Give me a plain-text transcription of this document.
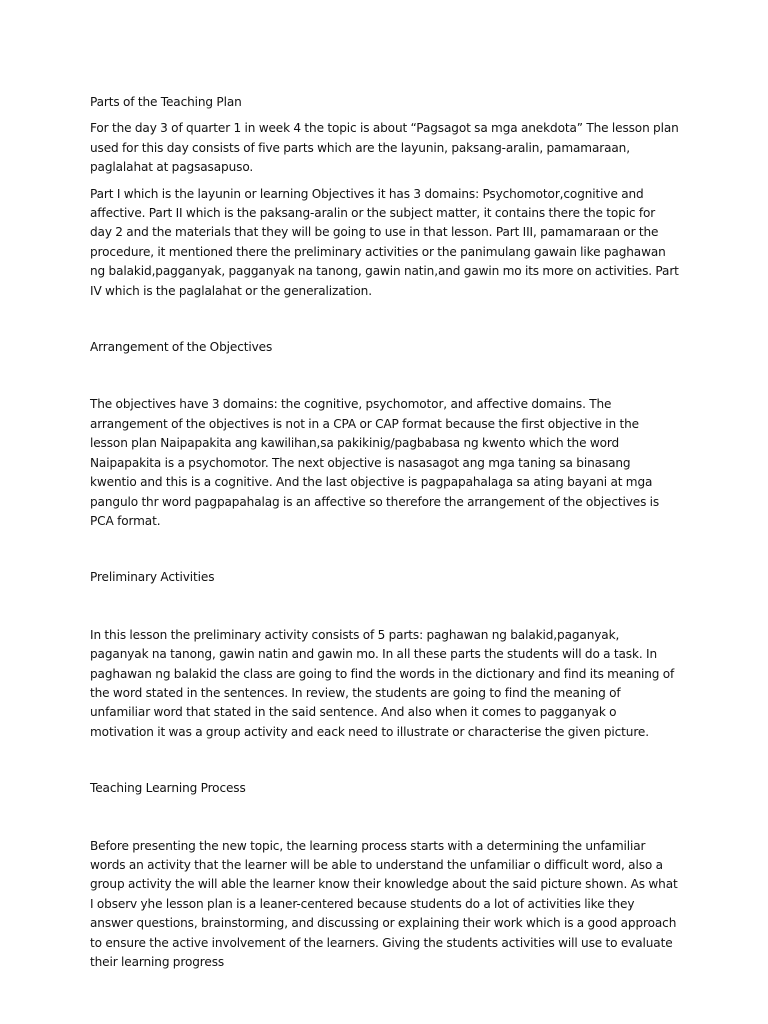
Parts of the Teaching Plan

For the day 3 of quarter 1 in week 4 the topic is about “Pagsagot sa mga anekdota” The lesson plan used for this day consists of five parts which are the layunin, paksang-aralin, pamamaraan, paglalahat at pagsasapuso.

Part I which is the layunin or learning Objectives it has 3 domains: Psychomotor,cognitive and affective. Part II which is the paksang-aralin or the subject matter, it contains there the topic for day 2 and the materials that they will be going to use in that lesson. Part III, pamamaraan or the procedure, it mentioned there the preliminary activities or the panimulang gawain like paghawan ng balakid,pagganyak, pagganyak na tanong, gawin natin,and gawin mo its more on activities. Part IV which is the paglalahat or the generalization.

Arrangement of the Objectives

The objectives have 3 domains: the cognitive, psychomotor, and affective domains. The arrangement of the objectives is not in a CPA or CAP format because the first objective in the lesson plan Naipapakita ang kawilihan,sa pakikinig/pagbabasa ng kwento which the word Naipapakita is a psychomotor. The next objective is nasasagot ang mga taning sa binasang kwentio and this is a cognitive. And the last objective is pagpapahalaga sa ating bayani at mga pangulo thr word pagpapahalag is an affective so therefore the arrangement of the objectives is PCA format.

Preliminary Activities

In this lesson the preliminary activity consists of 5 parts: paghawan ng balakid,paganyak, paganyak na tanong, gawin natin and gawin mo. In all these parts the students will do a task. In paghawan ng balakid the class are going to find the words in the dictionary and find its meaning of the word stated in the sentences. In review, the students are going to find the meaning of unfamiliar word that stated in the said sentence. And also when it comes to pagganyak o motivation it was a group activity and eack need to illustrate or characterise the given picture.

Teaching Learning Process

Before presenting the new topic, the learning process starts with a determining the unfamiliar words an activity that the learner will be able to understand the unfamiliar o difficult word, also a group activity the will able the learner know their knowledge about the said picture shown. As what I observ yhe lesson plan is a leaner-centered because students do a lot of activities like they answer questions, brainstorming, and discussing or explaining their work which is a good approach to ensure the active involvement of the learners. Giving the students activities will use to evaluate their learning progress
